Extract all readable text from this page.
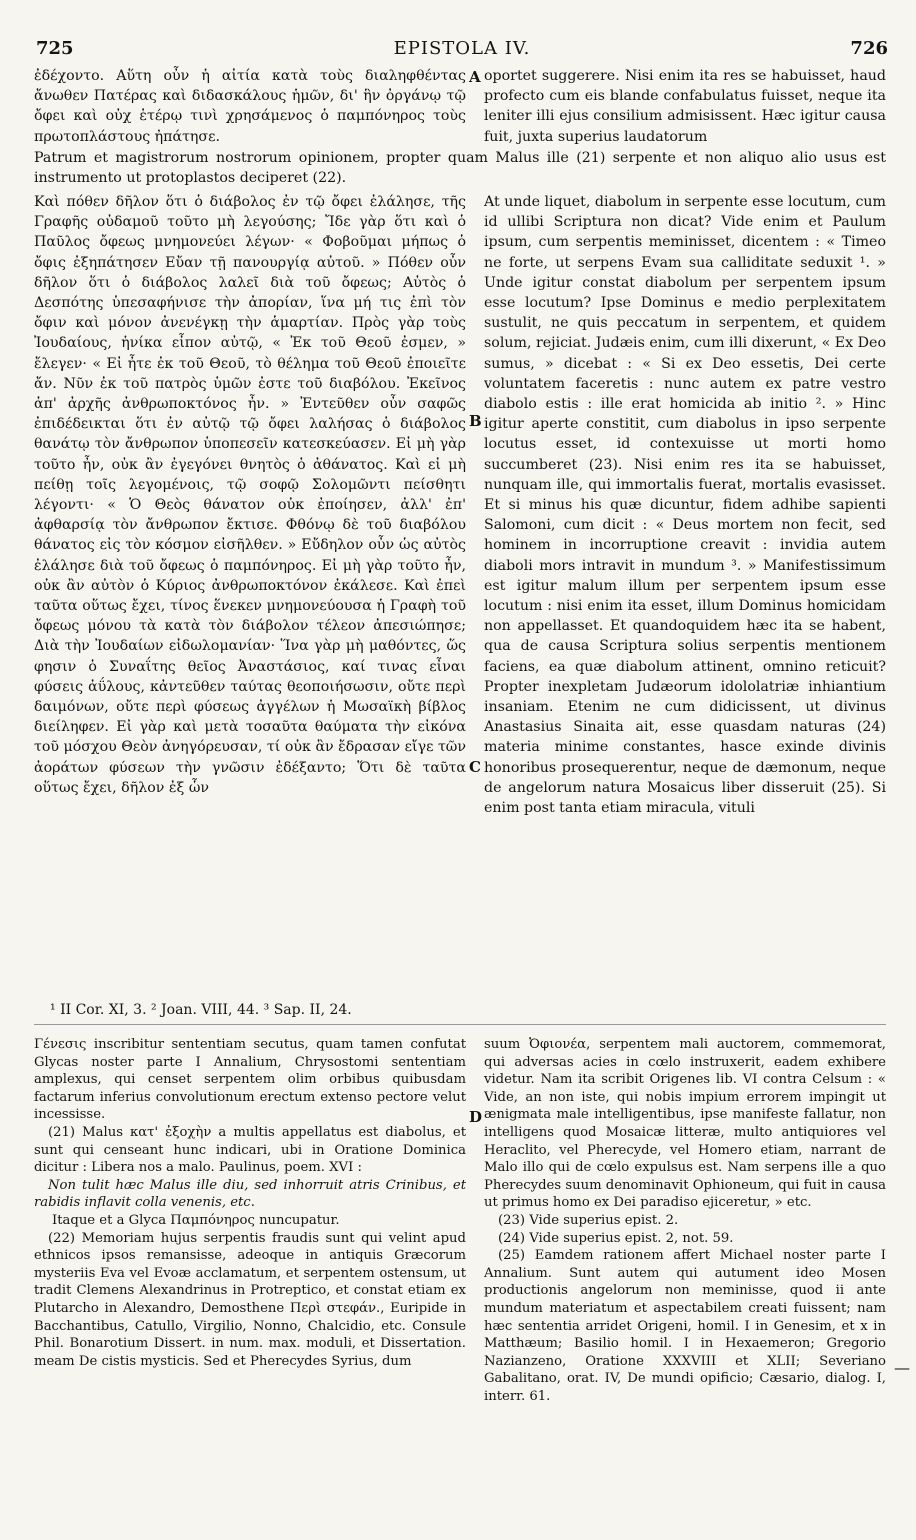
725	EPISTOLA IV.	726

ἐδέχοντο. Αὕτη οὖν ἡ αἰτία κατὰ τοὺς διαληφθέντας ἄνωθεν Πατέρας καὶ διδασκάλους ἡμῶν, δι' ἣν ὀργάνῳ τῷ ὄφει καὶ οὐχ ἑτέρῳ τινὶ χρησάμενος ὁ παμπόνηρος τοὺς πρωτοπλάστους ἠπάτησε.

oportet suggerere. Nisi enim ita res se habuisset, haud profecto cum eis blande confabulatus fuisset, neque ita leniter illi ejus consilium admisissent. Hæc igitur causa fuit, juxta superius laudatorum

Patrum et magistrorum nostrorum opinionem, propter quam Malus ille (21) serpente et non aliquo alio usus est instrumento ut protoplastos deciperet (22).

Καὶ πόθεν δῆλον ὅτι ὁ διάβολος ἐν τῷ ὄφει ἐλάλησε, τῆς Γραφῆς οὐδαμοῦ τοῦτο μὴ λεγούσης; Ἴδε γὰρ ὅτι καὶ ὁ Παῦλος ὄφεως μνημονεύει λέγων· « Φοβοῦμαι μήπως ὁ ὄφις ἐξηπάτησεν Εὔαν τῇ πανουργίᾳ αὐτοῦ. » Πόθεν οὖν δῆλον ὅτι ὁ διάβολος λαλεῖ διὰ τοῦ ὄφεως; Αὐτὸς ὁ Δεσπότης ὑπεσαφήνισε τὴν ἀπορίαν, ἵνα μή τις ἐπὶ τὸν ὄφιν καὶ μόνον ἀνενέγκῃ τὴν ἁμαρτίαν. Πρὸς γὰρ τοὺς Ἰουδαίους, ἡνίκα εἶπον αὐτῷ, « Ἐκ τοῦ Θεοῦ ἐσμεν, » ἔλεγεν· « Εἰ ἦτε ἐκ τοῦ Θεοῦ, τὸ θέλημα τοῦ Θεοῦ ἐποιεῖτε ἄν. Νῦν ἐκ τοῦ πατρὸς ὑμῶν ἐστε τοῦ διαβόλου. Ἐκεῖνος ἀπ' ἀρχῆς ἀνθρωποκτόνος ἦν. » Ἐντεῦθεν οὖν σαφῶς ἐπιδέδεικται ὅτι ἐν αὐτῷ τῷ ὄφει λαλήσας ὁ διάβολος θανάτῳ τὸν ἄνθρωπον ὑποπεσεῖν κατεσκεύασεν. Εἰ μὴ γὰρ τοῦτο ἦν, οὐκ ἂν ἐγεγόνει θνητὸς ὁ ἀθάνατος. Καὶ εἰ μὴ πείθῃ τοῖς λεγομένοις, τῷ σοφῷ Σολομῶντι πείσθητι λέγοντι· « Ὁ Θεὸς θάνατον οὐκ ἐποίησεν, ἀλλ' ἐπ' ἀφθαρσίᾳ τὸν ἄνθρωπον ἔκτισε. Φθόνῳ δὲ τοῦ διαβόλου θάνατος εἰς τὸν κόσμον εἰσῆλθεν. » Εὔδηλον οὖν ὡς αὐτὸς ἐλάλησε διὰ τοῦ ὄφεως ὁ παμπόνηρος. Εἰ μὴ γὰρ τοῦτο ἦν, οὐκ ἂν αὐτὸν ὁ Κύριος ἀνθρωποκτόνον ἐκάλεσε. Καὶ ἐπεὶ ταῦτα οὕτως ἔχει, τίνος ἕνεκεν μνημονεύουσα ἡ Γραφὴ τοῦ ὄφεως μόνου τὰ κατὰ τὸν διάβολον τέλεον ἀπεσιώπησε; Διὰ τὴν Ἰουδαίων εἰδωλομανίαν· Ἵνα γὰρ μὴ μαθόντες, ὥς φησιν ὁ Συναΐτης θεῖος Ἀναστάσιος, καί τινας εἶναι φύσεις ἀΰλους, κἀντεῦθεν ταύτας θεοποιήσωσιν, οὔτε περὶ δαιμόνων, οὔτε περὶ φύσεως ἀγγέλων ἡ Μωσαϊκὴ βίβλος διείληφεν. Εἰ γὰρ καὶ μετὰ τοσαῦτα θαύματα τὴν εἰκόνα τοῦ μόσχου Θεὸν ἀνηγόρευσαν, τί οὐκ ἂν ἔδρασαν εἴγε τῶν ἀοράτων φύσεων τὴν γνῶσιν ἐδέξαντο; Ὅτι δὲ ταῦτα οὕτως ἔχει, δῆλον ἐξ ὧν

At unde liquet, diabolum in serpente esse locutum, cum id ullibi Scriptura non dicat? Vide enim et Paulum ipsum, cum serpentis meminisset, dicentem : « Timeo ne forte, ut serpens Evam sua calliditate seduxit ¹. » Unde igitur constat diabolum per serpentem ipsum esse locutum? Ipse Dominus e medio perplexitatem sustulit, ne quis peccatum in serpentem, et quidem solum, rejiciat. Judæis enim, cum illi dixerunt, « Ex Deo sumus, » dicebat : « Si ex Deo essetis, Dei certe voluntatem faceretis : nunc autem ex patre vestro diabolo estis : ille erat homicida ab initio ². » Hinc igitur aperte constitit, cum diabolus in ipso serpente locutus esset, id contexuisse ut morti homo succumberet (23). Nisi enim res ita se habuisset, nunquam ille, qui immortalis fuerat, mortalis evasisset. Et si minus his quæ dicuntur, fidem adhibe sapienti Salomoni, cum dicit : « Deus mortem non fecit, sed hominem in incorruptione creavit : invidia autem diaboli mors intravit in mundum ³. » Manifestissimum est igitur malum illum per serpentem ipsum esse locutum : nisi enim ita esset, illum Dominus homicidam non appellasset. Et quandoquidem hæc ita se habent, qua de causa Scriptura solius serpentis mentionem faciens, ea quæ diabolum attinent, omnino reticuit? Propter inexpletam Judæorum idololatriæ inhiantium insaniam. Etenim ne cum didicissent, ut divinus Anastasius Sinaita ait, esse quasdam naturas (24) materia minime constantes, hasce exinde divinis honoribus prosequerentur, neque de dæmonum, neque de angelorum natura Mosaicus liber disseruit (25). Si enim post tanta etiam miracula, vituli

A
B
C
D
¹ II Cor. XI, 3. ² Joan. VIII, 44. ³ Sap. II, 24.

Γένεσις inscribitur sententiam secutus, quam tamen confutat Glycas noster parte I Annalium, Chrysostomi sententiam amplexus, qui censet serpentem olim orbibus quibusdam factarum inferius convolutionum erectum extenso pectore velut incessisse.

(21) Malus κατ' ἐξοχὴν a multis appellatus est diabolus, et sunt qui censeant hunc indicari, ubi in Oratione Dominica dicitur : Libera nos a malo. Paulinus, poem. XVI :

Non tulit hæc Malus ille diu, sed inhorruit atris Crinibus, et rabidis inflavit colla venenis, etc.

Itaque et a Glyca Παμπόνηρος nuncupatur.

(22) Memoriam hujus serpentis fraudis sunt qui velint apud ethnicos ipsos remansisse, adeoque in antiquis Græcorum mysteriis Eva vel Evoæ acclamatum, et serpentem ostensum, ut tradit Clemens Alexandrinus in Protreptico, et constat etiam ex Plutarcho in Alexandro, Demosthene Περὶ στεφάν., Euripide in Bacchantibus, Catullo, Virgilio, Nonno, Chalcidio, etc. Consule Phil. Bonarotium Dissert. in num. max. moduli, et Dissertation. meam De cistis mysticis. Sed et Pherecydes Syrius, dum

suum Ὀφιονέα, serpentem mali auctorem, commemorat, qui adversas acies in cœlo instruxerit, eadem exhibere videtur. Nam ita scribit Origenes lib. VI contra Celsum : « Vide, an non iste, qui nobis impium errorem impingit ut ænigmata male intelligentibus, ipse manifeste fallatur, non intelligens quod Mosaicæ litteræ, multo antiquiores vel Heraclito, vel Pherecyde, vel Homero etiam, narrant de Malo illo qui de cœlo expulsus est. Nam serpens ille a quo Pherecydes suum denominavit Ophioneum, qui fuit in causa ut primus homo ex Dei paradiso ejiceretur, » etc.

(23) Vide superius epist. 2.

(24) Vide superius epist. 2, not. 59.

(25) Eamdem rationem affert Michael noster parte I Annalium. Sunt autem qui autument ideo Mosen productionis angelorum non meminisse, quod ii ante mundum materiatum et aspectabilem creati fuissent; nam hæc sententia arridet Origeni, homil. I in Genesim, et x in Matthæum; Basilio homil. I in Hexaemeron; Gregorio Nazianzeno, Oratione XXXVIII et XLII; Severiano Gabalitano, orat. IV, De mundi opificio; Cæsario, dialog. I, interr. 61.

—
